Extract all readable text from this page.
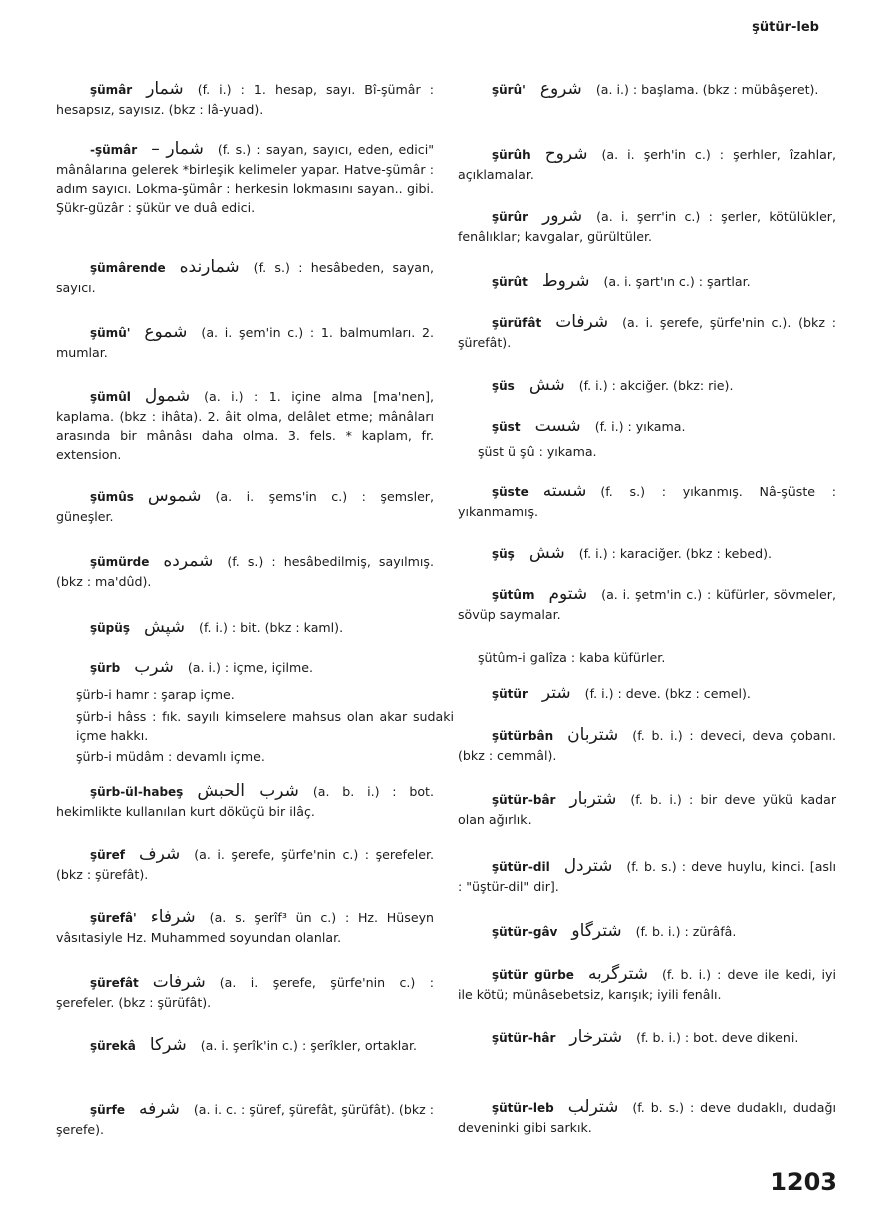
şütür-leb
şümâr شمار (f. i.) : 1. hesap, sayı. Bî-şümâr : hesapsız, sayısız. (bkz : lâ-yuad).
-şümâr شمار – (f. s.) : sayan, sayıcı, eden, edici" mânâlarına gelerek *birleşik kelimeler yapar. Hatve-şümâr : adım sayıcı. Lokma-şümâr : herkesin lokmasını sayan.. gibi. Şükr-güzâr : şükür ve duâ edici.
şümârende شمارنده (f. s.) : hesâbeden, sayan, sayıcı.
şümû' شموع (a. i. şem'in c.) : 1. balmumları. 2. mumlar.
şümûl شمول (a. i.) : 1. içine alma [ma'nen], kaplama. (bkz : ihâta). 2. âit olma, delâlet etme; mânâları arasında bir mânâsı daha olma. 3. fels. * kaplam, fr. extension.
şümûs شموس (a. i. şems'in c.) : şemsler, güneşler.
şümürde شمرده (f. s.) : hesâbedilmiş, sayılmış. (bkz : ma'dûd).
şüpüş شپش (f. i.) : bit. (bkz : kaml).
şürb شرب (a. i.) : içme, içilme.
şürb-i hamr : şarap içme.
şürb-i hâss : fık. sayılı kimselere mahsus olan akar sudaki içme hakkı.
şürb-i müdâm : devamlı içme.
şürb-ül-habeş شرب الحبش (a. b. i.) : bot. hekimlikte kullanılan kurt döküçü bir ilâç.
şüref شرف (a. i. şerefe, şürfe'nin c.) : şerefeler. (bkz : şürefât).
şürefâ' شرفاء (a. s. şerîf³ ün c.) : Hz. Hüseyn vâsıtasiyle Hz. Muhammed soyundan olanlar.
şürefât شرفات (a. i. şerefe, şürfe'nin c.) : şerefeler. (bkz : şürüfât).
şürekâ شركا (a. i. şerîk'in c.) : şerîkler, ortaklar.
şürfe شرفه (a. i. c. : şüref, şürefât, şürüfât). (bkz : şerefe).
şürû' شروع (a. i.) : başlama. (bkz : mübâşeret).
şürûh شروح (a. i. şerh'in c.) : şerhler, îzahlar, açıklamalar.
şürûr شرور (a. i. şerr'in c.) : şerler, kötülükler, fenâlıklar; kavgalar, gürültüler.
şürût شروط (a. i. şart'ın c.) : şartlar.
şürüfât شرفات (a. i. şerefe, şürfe'nin c.). (bkz : şürefât).
şüs شش (f. i.) : akciğer. (bkz: rie).
şüst شست (f. i.) : yıkama.
şüst ü şû : yıkama.
şüste شسته (f. s.) : yıkanmış. Nâ-şüste : yıkanmamış.
şüş شش (f. i.) : karaciğer. (bkz : kebed).
şütûm شتوم (a. i. şetm'in c.) : küfürler, sövmeler, sövüp saymalar.
şütûm-i galîza : kaba küfürler.
şütür شتر (f. i.) : deve. (bkz : cemel).
şütürbân شتربان (f. b. i.) : deveci, deva çobanı. (bkz : cemmâl).
şütür-bâr شتربار (f. b. i.) : bir deve yükü kadar olan ağırlık.
şütür-dil شتردل (f. b. s.) : deve huylu, kinci. [aslı : "üştür-dil" dir].
şütür-gâv شترگاو (f. b. i.) : zürâfâ.
şütür gürbe شترگربه (f. b. i.) : deve ile kedi, iyi ile kötü; münâsebetsiz, karışık; iyili fenâlı.
şütür-hâr شترخار (f. b. i.) : bot. deve dikeni.
şütür-leb شترلب (f. b. s.) : deve dudaklı, dudağı deveninki gibi sarkık.
1203
